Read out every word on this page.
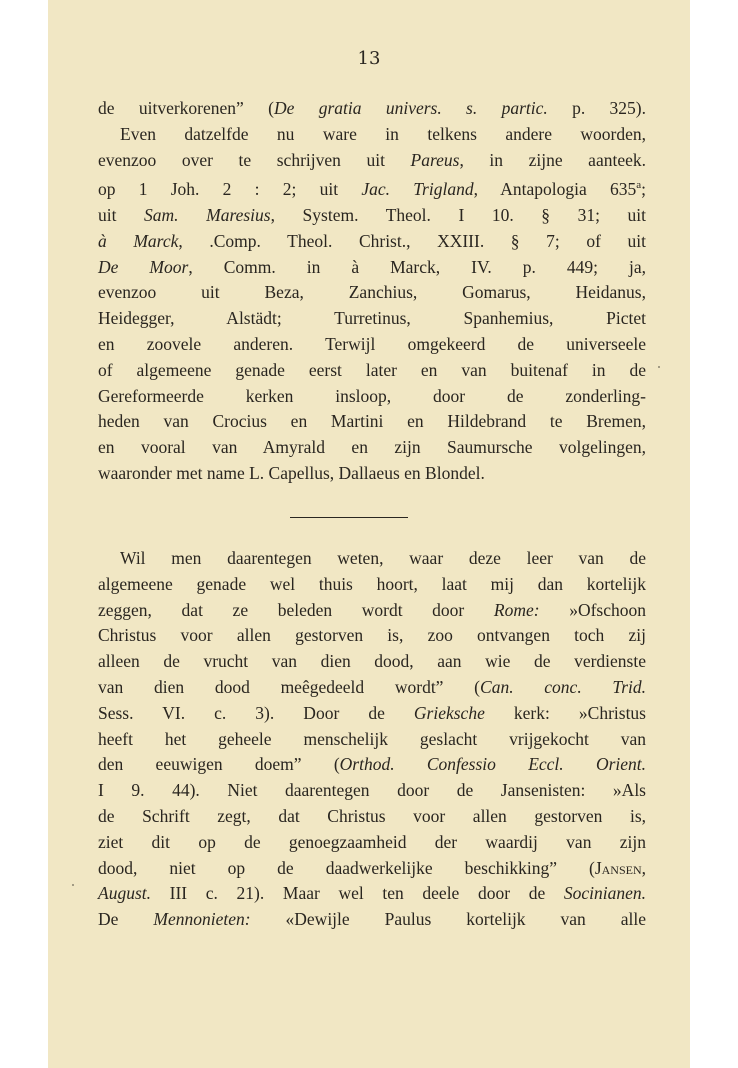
13
de uitverkorenen” (De gratia univers. s. partic. p. 325).
Even datzelfde nu ware in telkens andere woorden,
evenzoo over te schrijven uit Pareus, in zijne aanteek.
op 1 Joh. 2 : 2; uit Jac. Trigland, Antapologia 635$^a$;
uit Sam. Maresius, System. Theol. I 10. § 31; uit
à Marck, .Comp. Theol. Christ., XXIII. § 7; of uit
De Moor, Comm. in à Marck, IV. p. 449; ja,
evenzoo uit Beza, Zanchius, Gomarus, Heidanus,
Heidegger, Alstädt; Turretinus, Spanhemius, Pictet
en zoovele anderen. Terwijl omgekeerd de universeele
of algemeene genade eerst later en van buitenaf in de
Gereformeerde kerken insloop, door de zonderling-
heden van Crocius en Martini en Hildebrand te Bremen,
en vooral van Amyrald en zijn Saumursche volgelingen,
waaronder met name L. Capellus, Dallaeus en Blondel.
Wil men daarentegen weten, waar deze leer van de
algemeene genade wel thuis hoort, laat mij dan kortelijk
zeggen, dat ze beleden wordt door Rome: »Ofschoon
Christus voor allen gestorven is, zoo ontvangen toch zij
alleen de vrucht van dien dood, aan wie de verdienste
van dien dood meêgedeeld wordt” (Can. conc. Trid.
Sess. VI. c. 3). Door de Grieksche kerk: »Christus
heeft het geheele menschelijk geslacht vrijgekocht van
den eeuwigen doem” (Orthod. Confessio Eccl. Orient.
I 9. 44). Niet daarentegen door de Jansenisten: »Als
de Schrift zegt, dat Christus voor allen gestorven is,
ziet dit op de genoegzaamheid der waardij van zijn
dood, niet op de daadwerkelijke beschikking” (Jansen,
August. III c. 21). Maar wel ten deele door de Socinianen.
De Mennonieten: «Dewijle Paulus kortelijk van alle
